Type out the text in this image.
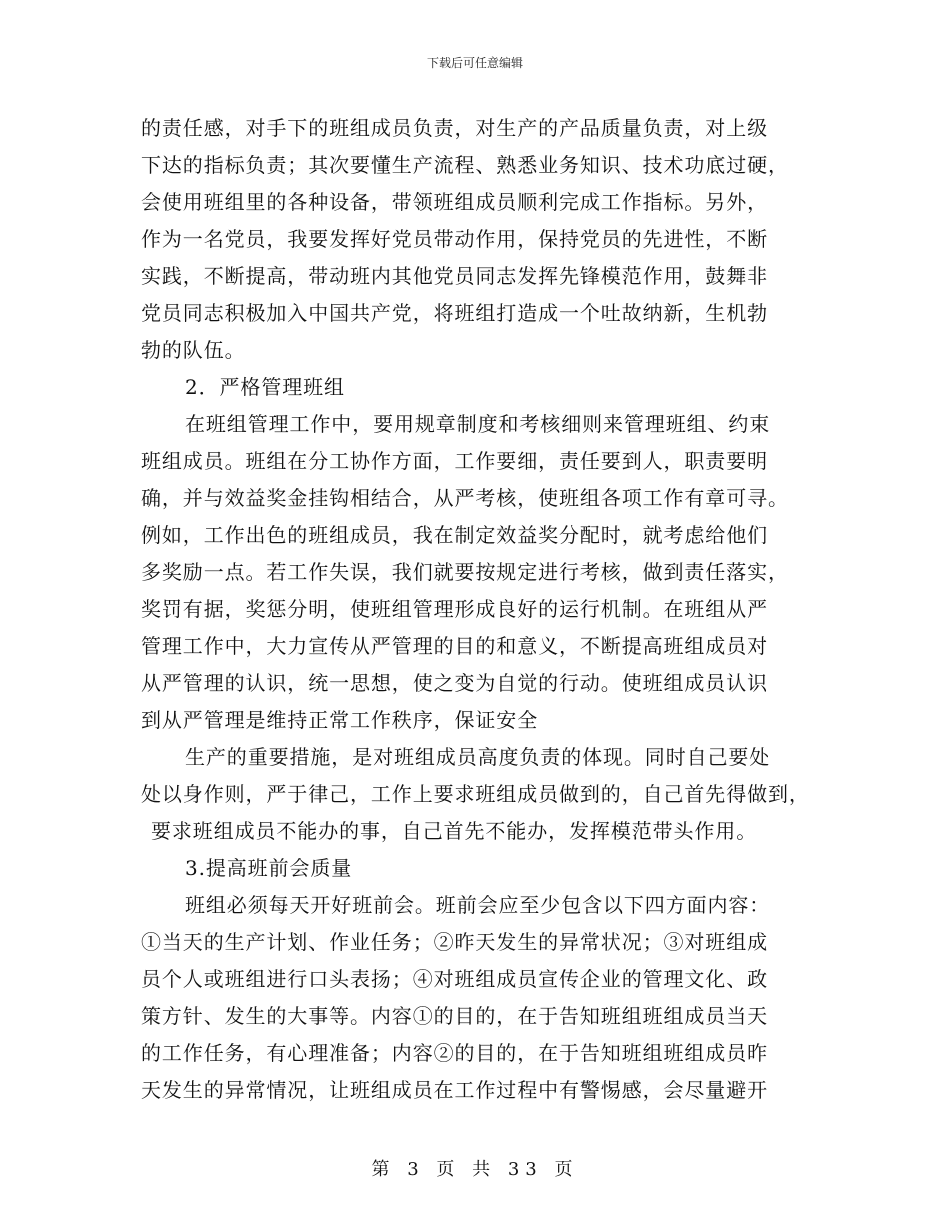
下载后可任意编辑
的责任感，对手下的班组成员负责，对生产的产品质量负责，对上级
下达的指标负责；其次要懂生产流程、熟悉业务知识、技术功底过硬，
会使用班组里的各种设备，带领班组成员顺利完成工作指标。另外，
作为一名党员，我要发挥好党员带动作用，保持党员的先进性，不断
实践，不断提高，带动班内其他党员同志发挥先锋模范作用，鼓舞非
党员同志积极加入中国共产党，将班组打造成一个吐故纳新，生机勃
勃的队伍。
2．严格管理班组
在班组管理工作中，要用规章制度和考核细则来管理班组、约束
班组成员。班组在分工协作方面，工作要细，责任要到人，职责要明
确，并与效益奖金挂钩相结合，从严考核，使班组各项工作有章可寻。
例如，工作出色的班组成员，我在制定效益奖分配时，就考虑给他们
多奖励一点。若工作失误，我们就要按规定进行考核，做到责任落实，
奖罚有据，奖惩分明，使班组管理形成良好的运行机制。在班组从严
管理工作中，大力宣传从严管理的目的和意义，不断提高班组成员对
从严管理的认识，统一思想，使之变为自觉的行动。使班组成员认识
到从严管理是维持正常工作秩序，保证安全
生产的重要措施，是对班组成员高度负责的体现。同时自己要处
处以身作则，严于律己，工作上要求班组成员做到的，自己首先得做到，
要求班组成员不能办的事，自己首先不能办，发挥模范带头作用。
3.提高班前会质量
班组必须每天开好班前会。班前会应至少包含以下四方面内容：
①当天的生产计划、作业任务；②昨天发生的异常状况；③对班组成
员个人或班组进行口头表扬；④对班组成员宣传企业的管理文化、政
策方针、发生的大事等。内容①的目的，在于告知班组班组成员当天
的工作任务，有心理准备；内容②的目的，在于告知班组班组成员昨
天发生的异常情况，让班组成员在工作过程中有警惕感，会尽量避开
第 3 页 共 33 页
